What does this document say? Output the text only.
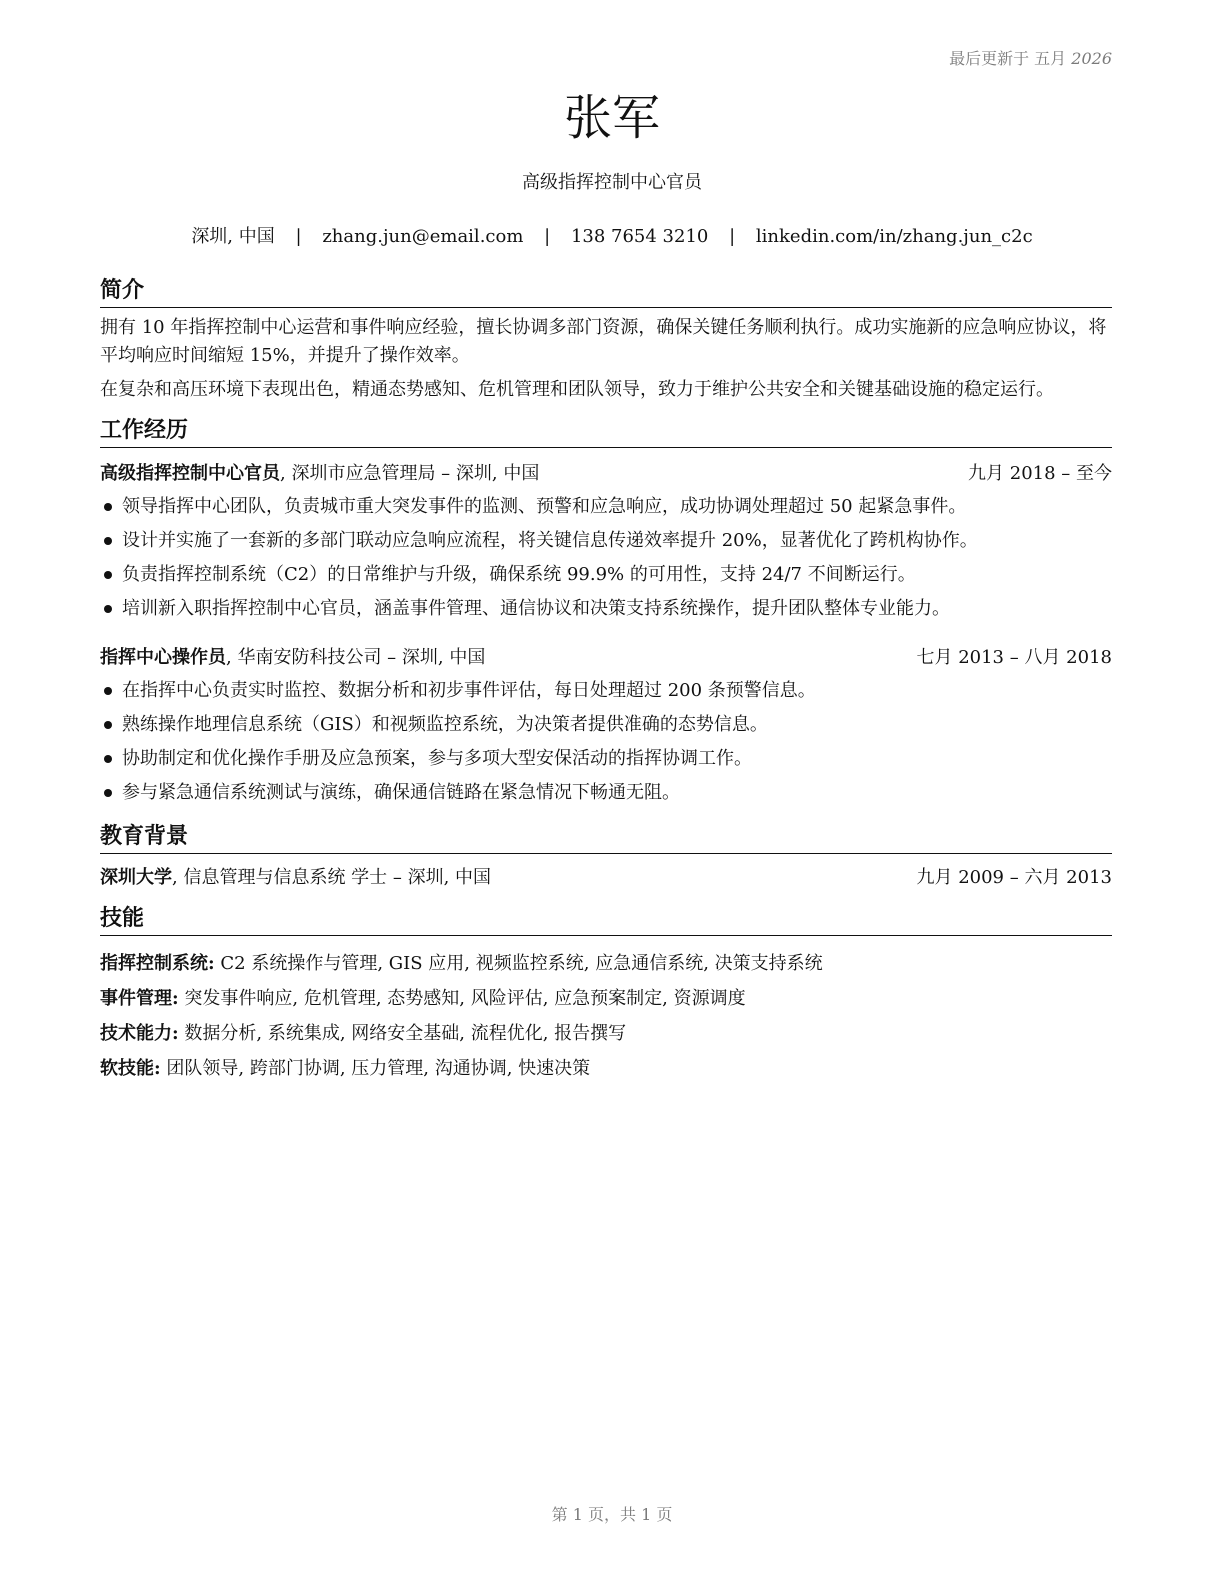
最后更新于 五月 2026
张军
高级指挥控制中心官员
深圳, 中国 | zhang.jun@email.com | 138 7654 3210 | linkedin.com/in/zhang.jun_c2c
简介

拥有 10 年指挥控制中心运营和事件响应经验，擅长协调多部门资源，确保关键任务顺利执行。成功实施新的应急响应协议，将平均响应时间缩短 15%，并提升了操作效率。

在复杂和高压环境下表现出色，精通态势感知、危机管理和团队领导，致力于维护公共安全和关键基础设施的稳定运行。

工作经历
高级指挥控制中心官员, 深圳市应急管理局 – 深圳, 中国	九月 2018 – 至今
领导指挥中心团队，负责城市重大突发事件的监测、预警和应急响应，成功协调处理超过 50 起紧急事件。
设计并实施了一套新的多部门联动应急响应流程，将关键信息传递效率提升 20%，显著优化了跨机构协作。
负责指挥控制系统（C2）的日常维护与升级，确保系统 99.9% 的可用性，支持 24/7 不间断运行。
培训新入职指挥控制中心官员，涵盖事件管理、通信协议和决策支持系统操作，提升团队整体专业能力。
指挥中心操作员, 华南安防科技公司 – 深圳, 中国	七月 2013 – 八月 2018
在指挥中心负责实时监控、数据分析和初步事件评估，每日处理超过 200 条预警信息。
熟练操作地理信息系统（GIS）和视频监控系统，为决策者提供准确的态势信息。
协助制定和优化操作手册及应急预案，参与多项大型安保活动的指挥协调工作。
参与紧急通信系统测试与演练，确保通信链路在紧急情况下畅通无阻。
教育背景
深圳大学, 信息管理与信息系统 学士 – 深圳, 中国	九月 2009 – 六月 2013
技能
指挥控制系统: C2 系统操作与管理, GIS 应用, 视频监控系统, 应急通信系统, 决策支持系统
事件管理: 突发事件响应, 危机管理, 态势感知, 风险评估, 应急预案制定, 资源调度
技术能力: 数据分析, 系统集成, 网络安全基础, 流程优化, 报告撰写
软技能: 团队领导, 跨部门协调, 压力管理, 沟通协调, 快速决策
第 1 页，共 1 页
